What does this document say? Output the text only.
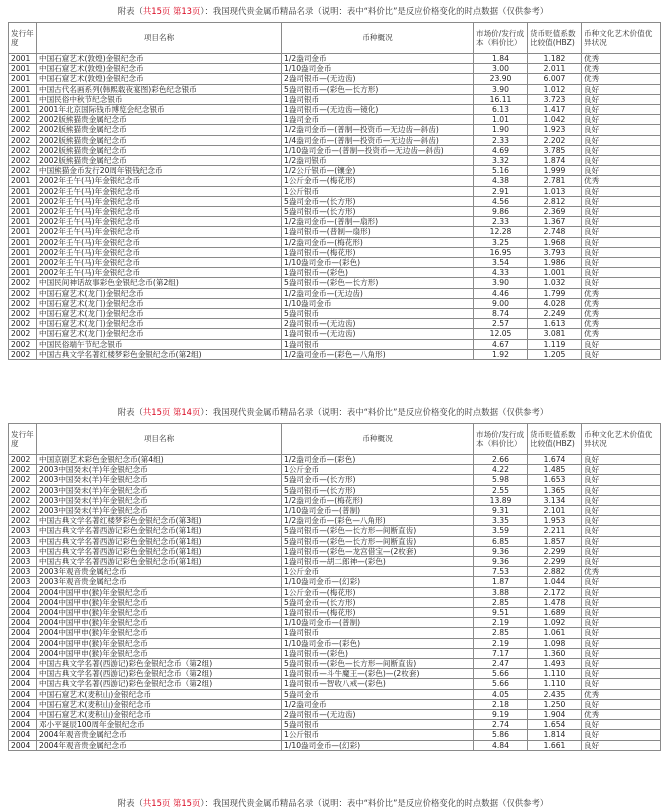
附表（共15页 第13页）：我国现代贵金属币精品名录（说明：表中“料价比”是反应价格变化的时点数据（仅供参考）
发行年度	项目名称	币种概况	市场价/发行成本（料价比）	货币贬值系数比较值(HBZ)	币种文化艺术价值优异状况
2001	中国石窟艺术(敦煌)金银纪念币	1/2盎司金币	1.84	1.182	优秀
2001	中国石窟艺术(敦煌)金银纪念币	1/10盎司金币	3.00	2.011	优秀
2001	中国石窟艺术(敦煌)金银纪念币	2盎司银币—(无边齿)	23.90	6.007	优秀
2001	中国古代名画系列(韩熙载夜宴图)彩色纪念银币	5盎司银币—(彩色—长方形)	3.90	1.012	良好
2001	中国民俗中秋节纪念银币	1盎司银币	16.11	3.723	良好
2001	2001年北京国际钱币博览会纪念银币	1盎司银币—(无边齿—镜化)	6.13	1.417	良好
2002	2002版熊猫贵金属纪念币	1盎司金币	1.01	1.042	良好
2002	2002版熊猫贵金属纪念币	1/2盎司金币—(普制—投资币—无边齿—斜齿)	1.90	1.923	良好
2002	2002版熊猫贵金属纪念币	1/4盎司金币—(普制—投资币—无边齿—斜齿)	2.33	2.202	良好
2002	2002版熊猫贵金属纪念币	1/10盎司金币—(普制—投资币—无边齿—斜齿)	4.69	3.785	良好
2002	2002版熊猫贵金属纪念币	1/2盎司银币	3.32	1.874	良好
2002	中国熊猫金币发行20周年银钱纪念币	1/2公斤银币—(镶金)	5.16	1.999	良好
2001	2002年壬午(马)年金银纪念币	1公斤金币—(梅花形)	4.38	2.781	优秀
2001	2002年壬午(马)年金银纪念币	1公斤银币	2.91	1.013	良好
2001	2002年壬午(马)年金银纪念币	5盎司金币—(长方形)	4.56	2.812	良好
2001	2002年壬午(马)年金银纪念币	5盎司银币—(长方形)	9.86	2.369	良好
2001	2002年壬午(马)年金银纪念币	1/2盎司金币—(普制—扇形)	2.33	1.367	良好
2001	2002年壬午(马)年金银纪念币	1盎司银币—(普制—扇形)	12.28	2.748	良好
2001	2002年壬午(马)年金银纪念币	1/2盎司金币—(梅花形)	3.25	1.968	良好
2001	2002年壬午(马)年金银纪念币	1盎司银币—(梅花形)	16.95	3.793	良好
2001	2002年壬午(马)年金银纪念币	1/10盎司金币—(彩色)	3.54	1.986	良好
2001	2002年壬午(马)年金银纪念币	1盎司银币—(彩色)	4.33	1.001	良好
2002	中国民间神话故事彩色金银纪念币(第2组)	5盎司银币—(彩色—长方形)	3.90	1.032	良好
2002	中国石窟艺术(龙门)金银纪念币	1/2盎司金币—(无边齿)	4.46	1.799	优秀
2002	中国石窟艺术(龙门)金银纪念币	1/10盎司金币	9.00	4.028	优秀
2002	中国石窟艺术(龙门)金银纪念币	5盎司银币	8.74	2.249	优秀
2002	中国石窟艺术(龙门)金银纪念币	2盎司银币—(无边齿)	2.57	1.613	优秀
2002	中国石窟艺术(龙门)金银纪念币	1盎司银币—(无边齿)	12.05	3.081	优秀
2002	中国民俗端午节纪念银币	1盎司银币	4.67	1.119	良好
2002	中国古典文学名著红楼梦彩色金银纪念币(第2组)	1/2盎司金币—(彩色—八角形)	1.92	1.205	良好
附表（共15页 第14页）：我国现代贵金属币精品名录（说明：表中“料价比”是反应价格变化的时点数据（仅供参考）
发行年度	项目名称	币种概况	市场价/发行成本（料价比）	货币贬值系数比较值(HBZ)	币种文化艺术价值优异状况
2002	中国京剧艺术彩色金银纪念币(第4组)	1/2盎司金币—(彩色)	2.66	1.674	良好
2002	2003中国癸未(羊)年金银纪念币	1公斤金币	4.22	1.485	良好
2002	2003中国癸未(羊)年金银纪念币	5盎司金币—(长方形)	5.98	1.653	良好
2002	2003中国癸未(羊)年金银纪念币	5盎司银币—(长方形)	2.55	1.365	良好
2002	2003中国癸未(羊)年金银纪念币	1/2盎司金币—(梅花形)	13.89	3.134	良好
2002	2003中国癸未(羊)年金银纪念币	1/10盎司金币—(普制)	9.31	2.101	良好
2002	中国古典文学名著红楼梦彩色金银纪念币(第3组)	1/2盎司金币—(彩色—八角形)	3.35	1.953	良好
2003	中国古典文学名著西游记彩色金银纪念币(第1组)	5盎司银币—(彩色—长方形—间断直齿)	3.59	2.211	良好
2003	中国古典文学名著西游记彩色金银纪念币(第1组)	5盎司银币—(彩色—长方形—间断直齿)	6.85	1.857	良好
2003	中国古典文学名著西游记彩色金银纪念币(第1组)	1盎司银币—(彩色—龙宫借宝—(2枚套)	9.36	2.299	良好
2003	中国古典文学名著西游记彩色金银纪念币(第1组)	1盎司银币—胡二郎神—(彩色)	9.36	2.299	良好
2003	2003年观音贵金属纪念币	1公斤金币	7.53	2.882	优秀
2003	2003年观音贵金属纪念币	1/10盎司金币—(幻彩)	1.87	1.044	良好
2004	2004中国甲申(猴)年金银纪念币	1公斤金币—(梅花形)	3.88	2.172	良好
2004	2004中国甲申(猴)年金银纪念币	5盎司金币—(长方形)	2.85	1.478	良好
2004	2004中国甲申(猴)年金银纪念币	1盎司银币—(梅花形)	9.51	1.689	良好
2004	2004中国甲申(猴)年金银纪念币	1/10盎司金币—(普制)	2.19	1.092	良好
2004	2004中国甲申(猴)年金银纪念币	1盎司银币	2.85	1.061	良好
2004	2004中国甲申(猴)年金银纪念币	1/10盎司金币—(彩色)	2.19	1.098	良好
2004	2004中国甲申(猴)年金银纪念币	1盎司银币—(彩色)	7.17	1.360	良好
2004	中国古典文学名著(西游记)彩色金银纪念币（第2组)	5盎司银币—(彩色—长方形—间断直齿)	2.47	1.493	良好
2004	中国古典文学名著(西游记)彩色金银纪念币（第2组)	1盎司银币—斗牛魔王—(彩色)—(2枚套)	5.66	1.110	良好
2004	中国古典文学名著(西游记)彩色金银纪念币（第2组)	1盎司银币—智收八戒—(彩色)	5.66	1.110	良好
2004	中国石窟艺术(麦积山)金银纪念币	5盎司金币	4.05	2.435	优秀
2004	中国石窟艺术(麦积山)金银纪念币	1/2盎司金币	2.18	1.250	良好
2004	中国石窟艺术(麦积山)金银纪念币	2盎司银币—(无边齿)	9.19	1.904	优秀
2004	邓小平诞辰100周年金银纪念币	5盎司银币	2.74	1.654	良好
2004	2004年观音贵金属纪念币	1公斤银币	5.86	1.814	良好
2004	2004年观音贵金属纪念币	1/10盎司金币—(幻彩)	4.84	1.661	良好
附表（共15页 第15页）：我国现代贵金属币精品名录（说明：表中“料价比”是反应价格变化的时点数据（仅供参考）
